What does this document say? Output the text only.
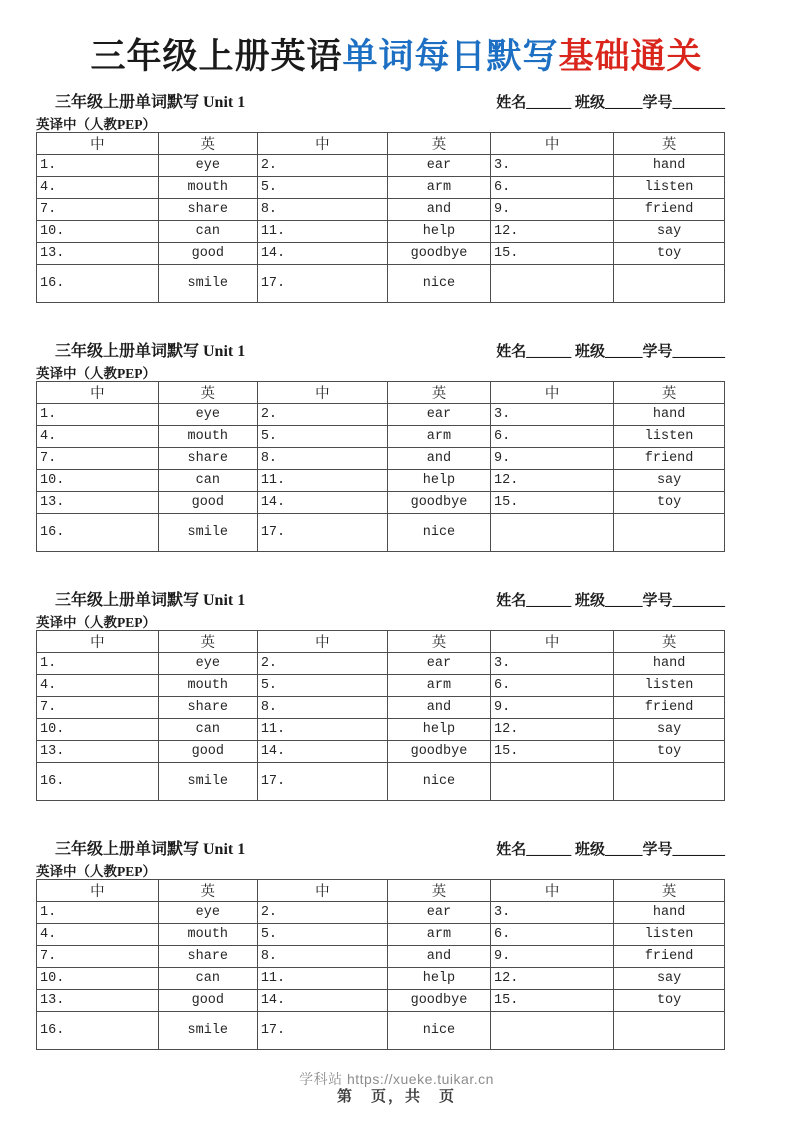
三年级上册英语单词每日默写基础通关
三年级上册单词默写 Unit 1	姓名______ 班级_____学号_______
英译中（人教PEP）
中	英	中	英	中	英
1.	eye	2.	ear	3.	hand
4.	mouth	5.	arm	6.	listen
7.	share	8.	and	9.	friend
10.	can	11.	help	12.	say
13.	good	14.	goodbye	15.	toy
16.	smile	17.	nice		
三年级上册单词默写 Unit 1	姓名______ 班级_____学号_______
英译中（人教PEP）
中	英	中	英	中	英
1.	eye	2.	ear	3.	hand
4.	mouth	5.	arm	6.	listen
7.	share	8.	and	9.	friend
10.	can	11.	help	12.	say
13.	good	14.	goodbye	15.	toy
16.	smile	17.	nice		
三年级上册单词默写 Unit 1	姓名______ 班级_____学号_______
英译中（人教PEP）
中	英	中	英	中	英
1.	eye	2.	ear	3.	hand
4.	mouth	5.	arm	6.	listen
7.	share	8.	and	9.	friend
10.	can	11.	help	12.	say
13.	good	14.	goodbye	15.	toy
16.	smile	17.	nice		
三年级上册单词默写 Unit 1	姓名______ 班级_____学号_______
英译中（人教PEP）
中	英	中	英	中	英
1.	eye	2.	ear	3.	hand
4.	mouth	5.	arm	6.	listen
7.	share	8.	and	9.	friend
10.	can	11.	help	12.	say
13.	good	14.	goodbye	15.	toy
16.	smile	17.	nice		
学科站 https://xueke.tuikar.cn
第　页，共　页
